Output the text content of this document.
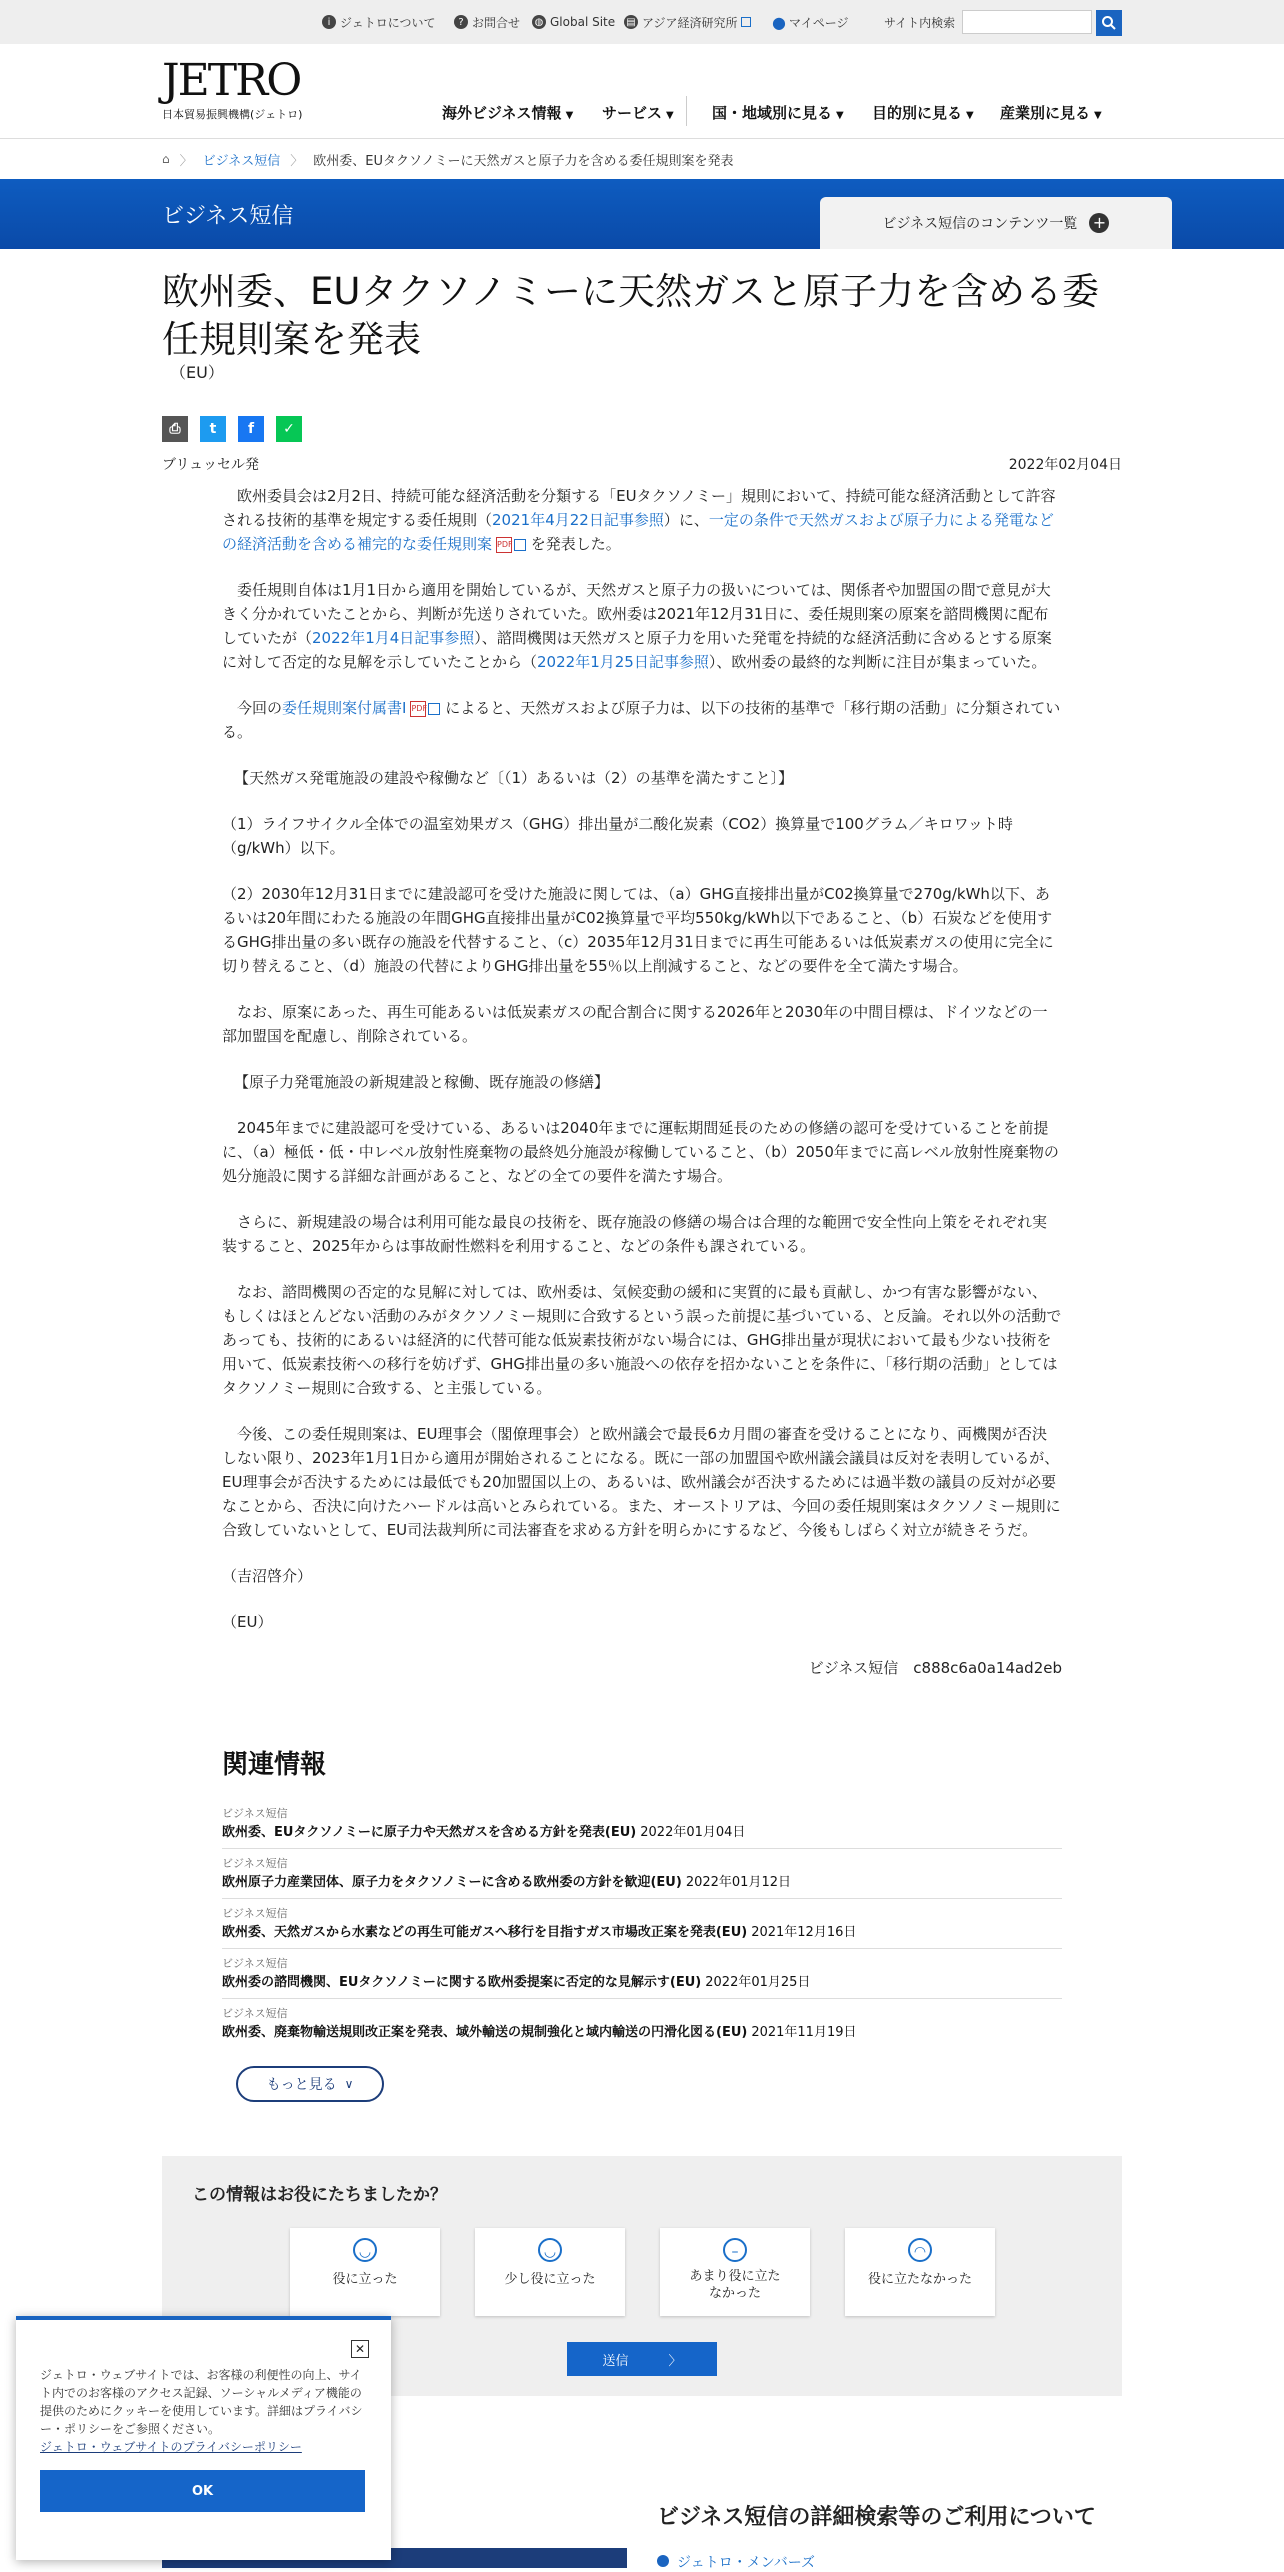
i ジェトロについて	? お問合せ ◍ Global Site ▤ アジア経済研究所 ● マイページ	サイト内検索
JETRO
日本貿易振興機構(ジェトロ)	海外ビジネス情報 ▼ サービス ▼	国・地域別に見る ▼ 目的別に見る ▼ 産業別に見る ▼
⌂ 〉 ビジネス短信 〉 欧州委、EUタクソノミーに天然ガスと原子力を含める委任規則案を発表
ビジネス短信	ビジネス短信のコンテンツ一覧 +
欧州委、EUタクソノミーに天然ガスと原子力を含める委任規則案を発表
（EU）
⎙	t	f	✓
ブリュッセル発	2022年02月04日

　欧州委員会は2月2日、持続可能な経済活動を分類する「EUタクソノミー」規則において、持続可能な経済活動として許容される技術的基準を規定する委任規則（2021年4月22日記事参照）に、一定の条件で天然ガスおよび原子力による発電などの経済活動を含める補完的な委任規則案 PDF を発表した。

　委任規則自体は1月1日から適用を開始しているが、天然ガスと原子力の扱いについては、関係者や加盟国の間で意見が大きく分かれていたことから、判断が先送りされていた。欧州委は2021年12月31日に、委任規則案の原案を諮問機関に配布していたが（2022年1月4日記事参照）、諮問機関は天然ガスと原子力を用いた発電を持続的な経済活動に含めるとする原案に対して否定的な見解を示していたことから（2022年1月25日記事参照）、欧州委の最終的な判断に注目が集まっていた。

　今回の委任規則案付属書I PDF によると、天然ガスおよび原子力は、以下の技術的基準で「移行期の活動」に分類されている。

【天然ガス発電施設の建設や稼働など〔（1）あるいは（2）の基準を満たすこと〕】

（1）ライフサイクル全体での温室効果ガス（GHG）排出量が二酸化炭素（CO2）換算量で100グラム／キロワット時（g/kWh）以下。

（2）2030年12月31日までに建設認可を受けた施設に関しては、（a）GHG直接排出量がC02換算量で270g/kWh以下、あるいは20年間にわたる施設の年間GHG直接排出量がC02換算量で平均550kg/kWh以下であること、（b）石炭などを使用するGHG排出量の多い既存の施設を代替すること、（c）2035年12月31日までに再生可能あるいは低炭素ガスの使用に完全に切り替えること、（d）施設の代替によりGHG排出量を55％以上削減すること、などの要件を全て満たす場合。

　なお、原案にあった、再生可能あるいは低炭素ガスの配合割合に関する2026年と2030年の中間目標は、ドイツなどの一部加盟国を配慮し、削除されている。

【原子力発電施設の新規建設と稼働、既存施設の修繕】

　2045年までに建設認可を受けている、あるいは2040年までに運転期間延長のための修繕の認可を受けていることを前提に、（a）極低・低・中レベル放射性廃棄物の最終処分施設が稼働していること、（b）2050年までに高レベル放射性廃棄物の処分施設に関する詳細な計画があること、などの全ての要件を満たす場合。

　さらに、新規建設の場合は利用可能な最良の技術を、既存施設の修繕の場合は合理的な範囲で安全性向上策をそれぞれ実装すること、2025年からは事故耐性燃料を利用すること、などの条件も課されている。

　なお、諮問機関の否定的な見解に対しては、欧州委は、気候変動の緩和に実質的に最も貢献し、かつ有害な影響がない、もしくはほとんどない活動のみがタクソノミー規則に合致するという誤った前提に基づいている、と反論。それ以外の活動であっても、技術的にあるいは経済的に代替可能な低炭素技術がない場合には、GHG排出量が現状において最も少ない技術を用いて、低炭素技術への移行を妨げず、GHG排出量の多い施設への依存を招かないことを条件に、「移行期の活動」としてはタクソノミー規則に合致する、と主張している。

　今後、この委任規則案は、EU理事会（閣僚理事会）と欧州議会で最長6カ月間の審査を受けることになり、両機関が否決しない限り、2023年1月1日から適用が開始されることになる。既に一部の加盟国や欧州議会議員は反対を表明しているが、EU理事会が否決するためには最低でも20加盟国以上の、あるいは、欧州議会が否決するためには過半数の議員の反対が必要なことから、否決に向けたハードルは高いとみられている。また、オーストリアは、今回の委任規則案はタクソノミー規則に合致していないとして、EU司法裁判所に司法審査を求める方針を明らかにするなど、今後もしばらく対立が続きそうだ。

（吉沼啓介）

（EU）

ビジネス短信　c888c6a0a14ad2eb

関連情報
ビジネス短信
欧州委、EUタクソノミーに原子力や天然ガスを含める方針を発表(EU) 2022年01月04日
ビジネス短信
欧州原子力産業団体、原子力をタクソノミーに含める欧州委の方針を歓迎(EU) 2022年01月12日
ビジネス短信
欧州委、天然ガスから水素などの再生可能ガスへ移行を目指すガス市場改正案を発表(EU) 2021年12月16日
ビジネス短信
欧州委の諮問機関、EUタクソノミーに関する欧州委提案に否定的な見解示す(EU) 2022年01月25日
ビジネス短信
欧州委、廃棄物輸送規則改正案を発表、域外輸送の規制強化と域内輸送の円滑化図る(EU) 2021年11月19日
もっと見る ∨
この情報はお役にたちましたか？
◡
役に立った
◡
少し役に立った
–
あまり役に立た
なかった
◠
役に立たなかった
送信	〉
ビジネス短信の詳細検索等のご利用について
ジェトロ・メンバーズ
✕
ジェトロ・ウェブサイトでは、お客様の利便性の向上、サイト内でのお客様のアクセス記録、ソーシャルメディア機能の提供のためにクッキーを使用しています。詳細はプライバシー・ポリシーをご参照ください。
ジェトロ・ウェブサイトのプライバシーポリシー
OK
